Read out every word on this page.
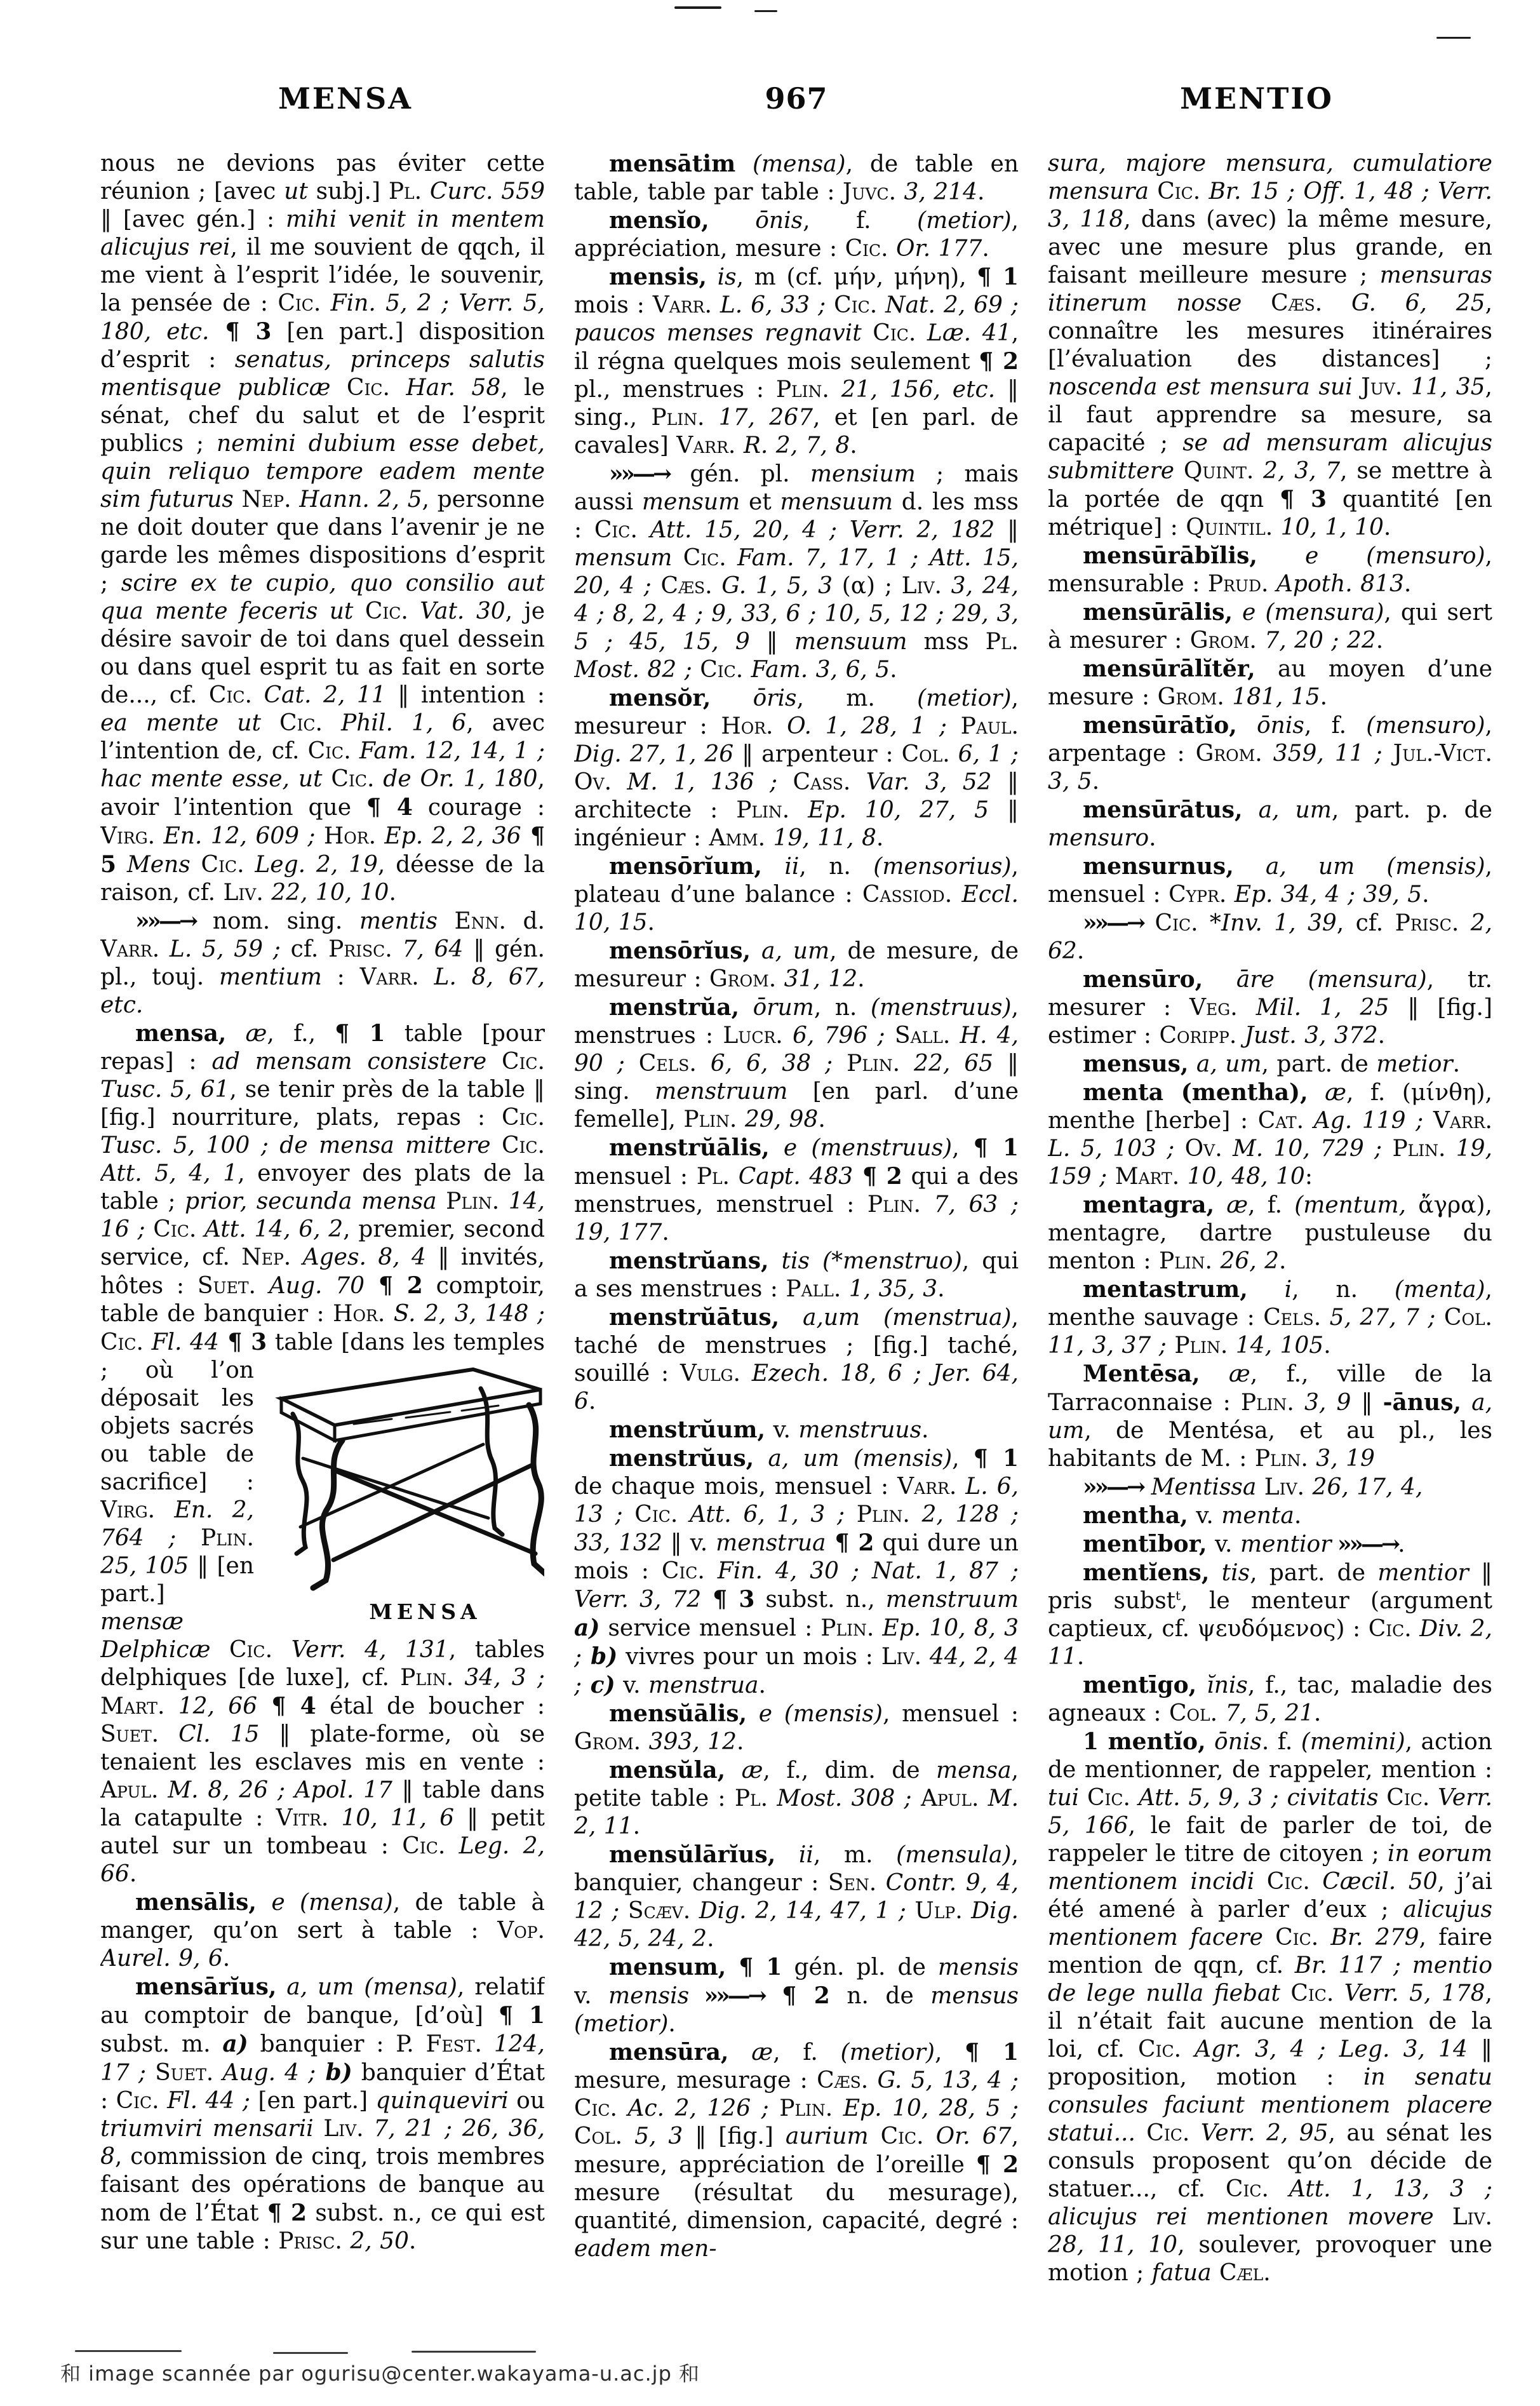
MENSA	967	MENTIO

nous ne devions pas éviter cette réunion ; [avec ut subj.] Pl. Curc. 559 ‖ [avec gén.] : mihi venit in mentem alicujus rei, il me souvient de qqch, il me vient à l’esprit l’idée, le souvenir, la pensée de : Cic. Fin. 5, 2 ; Verr. 5, 180, etc. ¶ 3 [en part.] disposition d’esprit : senatus, princeps salutis mentisque publicæ Cic. Har. 58, le sénat, chef du salut et de l’esprit publics ; nemini dubium esse debet, quin reliquo tempore eadem mente sim futurus Nep. Hann. 2, 5, personne ne doit douter que dans l’avenir je ne garde les mêmes dispositions d’esprit ; scire ex te cupio, quo consilio aut qua mente feceris ut Cic. Vat. 30, je désire savoir de toi dans quel dessein ou dans quel esprit tu as fait en sorte de..., cf. Cic. Cat. 2, 11 ‖ intention : ea mente ut Cic. Phil. 1, 6, avec l’intention de, cf. Cic. Fam. 12, 14, 1 ; hac mente esse, ut Cic. de Or. 1, 180, avoir l’intention que ¶ 4 courage : Virg. En. 12, 609 ; Hor. Ep. 2, 2, 36 ¶ 5 Mens Cic. Leg. 2, 19, déesse de la raison, cf. Liv. 22, 10, 10.

»»—→ nom. sing. mentis Enn. d. Varr. L. 5, 59 ; cf. Prisc. 7, 64 ‖ gén. pl., touj. mentium : Varr. L. 8, 67, etc.

mensa, æ, f., ¶ 1 table [pour repas] : ad mensam consistere Cic. Tusc. 5, 61, se tenir près de la table ‖ [fig.] nourriture, plats, repas : Cic. Tusc. 5, 100 ; de mensa mittere Cic. Att. 5, 4, 1, envoyer des plats de la table ; prior, secunda mensa Plin. 14, 16 ; Cic. Att. 14, 6, 2, premier, second service, cf. Nep. Ages. 8, 4 ‖ invités, hôtes : Suet. Aug. 70 ¶ 2 comptoir, table de banquier : Hor. S. 2, 3, 148 ; Cic. Fl. 44 ¶ 3 table
MENSA
[dans les temples ; où l’on déposait les objets sacrés ou table de sacrifice] : Virg. En. 2, 764 ; Plin. 25, 105 ‖ [en part.] mensæ Delphicæ Cic. Verr. 4, 131, tables delphiques [de luxe], cf. Plin. 34, 3 ; Mart. 12, 66 ¶ 4 étal de boucher : Suet. Cl. 15 ‖ plate-forme, où se tenaient les esclaves mis en vente : Apul. M. 8, 26 ; Apol. 17 ‖ table dans la catapulte : Vitr. 10, 11, 6 ‖ petit autel sur un tombeau : Cic. Leg. 2, 66.

mensālis, e (mensa), de table à manger, qu’on sert à table : Vop. Aurel. 9, 6.

mensārĭus, a, um (mensa), relatif au comptoir de banque, [d’où] ¶ 1 subst. m. a) banquier : P. Fest. 124, 17 ; Suet. Aug. 4 ; b) banquier d’État : Cic. Fl. 44 ; [en part.] quinqueviri ou triumviri mensarii Liv. 7, 21 ; 26, 36, 8, commission de cinq, trois membres faisant des opérations de banque au nom de l’État ¶ 2 subst. n., ce qui est sur une table : Prisc. 2, 50.

mensātim (mensa), de table en table, table par table : Juvc. 3, 214.

mensĭo, ōnis, f. (metior), appréciation, mesure : Cic. Or. 177.

mensis, is, m (cf. μήν, μήνη), ¶ 1 mois : Varr. L. 6, 33 ; Cic. Nat. 2, 69 ; paucos menses regnavit Cic. Læ. 41, il régna quelques mois seulement ¶ 2 pl., menstrues : Plin. 21, 156, etc. ‖ sing., Plin. 17, 267, et [en parl. de cavales] Varr. R. 2, 7, 8.

»»—→ gén. pl. mensium ; mais aussi mensum et mensuum d. les mss : Cic. Att. 15, 20, 4 ; Verr. 2, 182 ‖ mensum Cic. Fam. 7, 17, 1 ; Att. 15, 20, 4 ; Cæs. G. 1, 5, 3 (α) ; Liv. 3, 24, 4 ; 8, 2, 4 ; 9, 33, 6 ; 10, 5, 12 ; 29, 3, 5 ; 45, 15, 9 ‖ mensuum mss Pl. Most. 82 ; Cic. Fam. 3, 6, 5.

mensŏr, ōris, m. (metior), mesureur : Hor. O. 1, 28, 1 ; Paul. Dig. 27, 1, 26 ‖ arpenteur : Col. 6, 1 ; Ov. M. 1, 136 ; Cass. Var. 3, 52 ‖ architecte : Plin. Ep. 10, 27, 5 ‖ ingénieur : Amm. 19, 11, 8.

mensōrĭum, ii, n. (mensorius), plateau d’une balance : Cassiod. Eccl. 10, 15.

mensōrĭus, a, um, de mesure, de mesureur : Grom. 31, 12.

menstrŭa, ōrum, n. (menstruus), menstrues : Lucr. 6, 796 ; Sall. H. 4, 90 ; Cels. 6, 6, 38 ; Plin. 22, 65 ‖ sing. menstruum [en parl. d’une femelle], Plin. 29, 98.

menstrŭālis, e (menstruus), ¶ 1 mensuel : Pl. Capt. 483 ¶ 2 qui a des menstrues, menstruel : Plin. 7, 63 ; 19, 177.

menstrŭans, tis (*menstruo), qui a ses menstrues : Pall. 1, 35, 3.

menstrŭātus, a,um (menstrua), taché de menstrues ; [fig.] taché, souillé : Vulg. Ezech. 18, 6 ; Jer. 64, 6.

menstrŭum, v. menstruus.

menstrŭus, a, um (mensis), ¶ 1 de chaque mois, mensuel : Varr. L. 6, 13 ; Cic. Att. 6, 1, 3 ; Plin. 2, 128 ; 33, 132 ‖ v. menstrua ¶ 2 qui dure un mois : Cic. Fin. 4, 30 ; Nat. 1, 87 ; Verr. 3, 72 ¶ 3 subst. n., menstruum a) service mensuel : Plin. Ep. 10, 8, 3 ; b) vivres pour un mois : Liv. 44, 2, 4 ; c) v. menstrua.

mensŭālis, e (mensis), mensuel : Grom. 393, 12.

mensŭla, æ, f., dim. de mensa, petite table : Pl. Most. 308 ; Apul. M. 2, 11.

mensŭlārĭus, ii, m. (mensula), banquier, changeur : Sen. Contr. 9, 4, 12 ; Scæv. Dig. 2, 14, 47, 1 ; Ulp. Dig. 42, 5, 24, 2.

mensum, ¶ 1 gén. pl. de mensis v. mensis »»—→ ¶ 2 n. de mensus (metior).

mensūra, æ, f. (metior), ¶ 1 mesure, mesurage : Cæs. G. 5, 13, 4 ; Cic. Ac. 2, 126 ; Plin. Ep. 10, 28, 5 ; Col. 5, 3 ‖ [fig.] aurium Cic. Or. 67, mesure, appréciation de l’oreille ¶ 2 mesure (résultat du mesurage), quantité, dimension, capacité, degré : eadem men-

sura, majore mensura, cumulatiore mensura Cic. Br. 15 ; Off. 1, 48 ; Verr. 3, 118, dans (avec) la même mesure, avec une mesure plus grande, en faisant meilleure mesure ; mensuras itinerum nosse Cæs. G. 6, 25, connaître les mesures itinéraires [l’évaluation des distances] ; noscenda est mensura sui Juv. 11, 35, il faut apprendre sa mesure, sa capacité ; se ad mensuram alicujus submittere Quint. 2, 3, 7, se mettre à la portée de qqn ¶ 3 quantité [en métrique] : Quintil. 10, 1, 10.

mensūrābĭlis, e (mensuro), mensurable : Prud. Apoth. 813.

mensūrālis, e (mensura), qui sert à mesurer : Grom. 7, 20 ; 22.

mensūrālĭtĕr, au moyen d’une mesure : Grom. 181, 15.

mensūrātĭo, ōnis, f. (mensuro), arpentage : Grom. 359, 11 ; Jul.-Vict. 3, 5.

mensūrātus, a, um, part. p. de mensuro.

mensurnus, a, um (mensis), mensuel : Cypr. Ep. 34, 4 ; 39, 5.

»»—→ Cic. *Inv. 1, 39, cf. Prisc. 2, 62.

mensūro, āre (mensura), tr. mesurer : Veg. Mil. 1, 25 ‖ [fig.] estimer : Coripp. Just. 3, 372.

mensus, a, um, part. de metior.

menta (mentha), æ, f. (μίνθη), menthe [herbe] : Cat. Ag. 119 ; Varr. L. 5, 103 ; Ov. M. 10, 729 ; Plin. 19, 159 ; Mart. 10, 48, 10:

mentagra, æ, f. (mentum, ἄγρα), mentagre, dartre pustuleuse du menton : Plin. 26, 2.

mentastrum, i, n. (menta), menthe sauvage : Cels. 5, 27, 7 ; Col. 11, 3, 37 ; Plin. 14, 105.

Mentēsa, æ, f., ville de la Tarraconnaise : Plin. 3, 9 ‖ -ānus, a, um, de Mentésa, et au pl., les habitants de M. : Plin. 3, 19

»»—→ Mentissa Liv. 26, 17, 4,

mentha, v. menta.

mentībor, v. mentior »»—→.

mentĭens, tis, part. de mentior ‖ pris subst$^t$, le menteur (argument captieux, cf. ψευδόμενος) : Cic. Div. 2, 11.

mentīgo, ĭnis, f., tac, maladie des agneaux : Col. 7, 5, 21.

1 mentĭo, ōnis. f. (memini), action de mentionner, de rappeler, mention : tui Cic. Att. 5, 9, 3 ; civitatis Cic. Verr. 5, 166, le fait de parler de toi, de rappeler le titre de citoyen ; in eorum mentionem incidi Cic. Cæcil. 50, j’ai été amené à parler d’eux ; alicujus mentionem facere Cic. Br. 279, faire mention de qqn, cf. Br. 117 ; mentio de lege nulla fiebat Cic. Verr. 5, 178, il n’était fait aucune mention de la loi, cf. Cic. Agr. 3, 4 ; Leg. 3, 14 ‖ proposition, motion : in senatu consules faciunt mentionem placere statui... Cic. Verr. 2, 95, au sénat les consuls proposent qu’on décide de statuer..., cf. Cic. Att. 1, 13, 3 ; alicujus rei mentionen movere Liv. 28, 11, 10, soulever, provoquer une motion ; fatua Cæl.

和 image scannée par ogurisu@center.wakayama-u.ac.jp 和
